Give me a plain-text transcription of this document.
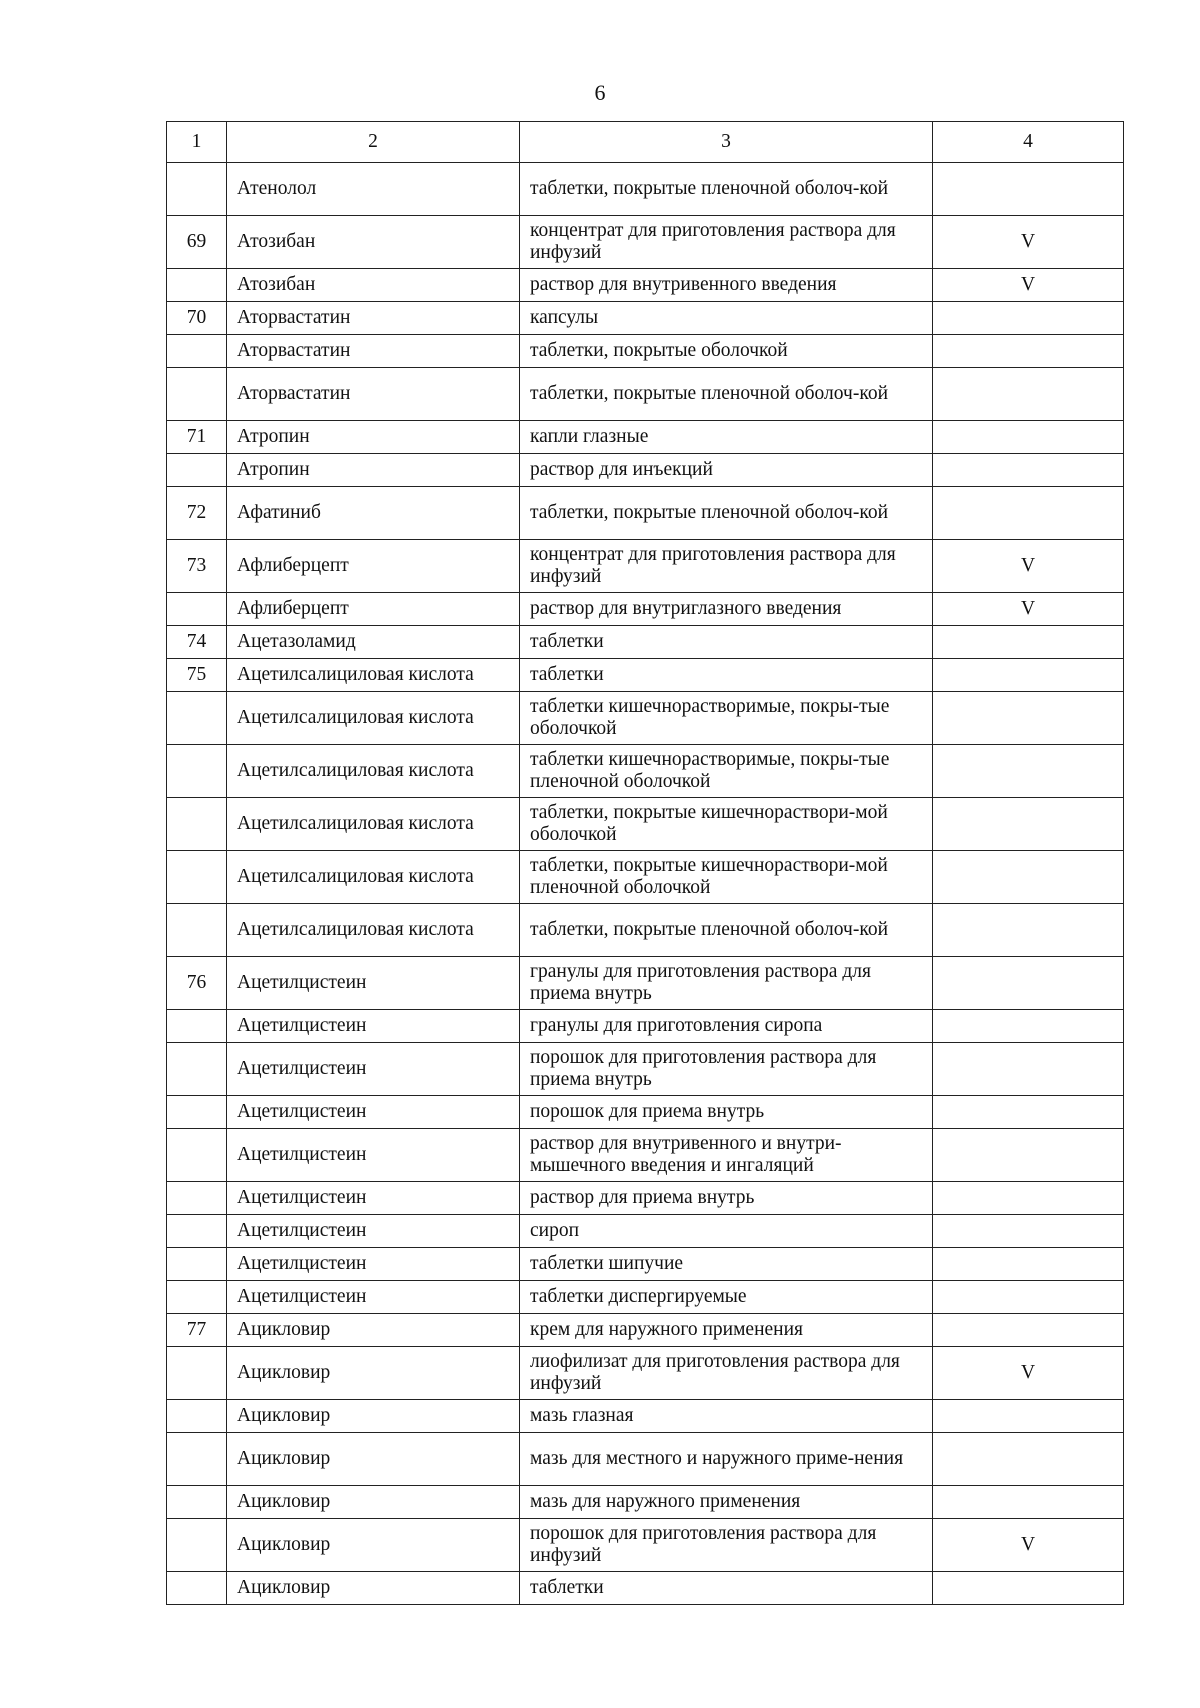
6
1	2	3	4
	Атенолол	таблетки, покрытые пленочной оболоч-кой	
69	Атозибан	концентрат для приготовления раствора для инфузий	V
	Атозибан	раствор для внутривенного введения	V
70	Аторвастатин	капсулы	
	Аторвастатин	таблетки, покрытые оболочкой	
	Аторвастатин	таблетки, покрытые пленочной оболоч-кой	
71	Атропин	капли глазные	
	Атропин	раствор для инъекций	
72	Афатиниб	таблетки, покрытые пленочной оболоч-кой	
73	Афлиберцепт	концентрат для приготовления раствора для инфузий	V
	Афлиберцепт	раствор для внутриглазного введения	V
74	Ацетазоламид	таблетки	
75	Ацетилсалициловая кислота	таблетки	
	Ацетилсалициловая кислота	таблетки кишечнорастворимые, покры-тые оболочкой	
	Ацетилсалициловая кислота	таблетки кишечнорастворимые, покры-тые пленочной оболочкой	
	Ацетилсалициловая кислота	таблетки, покрытые кишечнораствори-мой оболочкой	
	Ацетилсалициловая кислота	таблетки, покрытые кишечнораствори-мой пленочной оболочкой	
	Ацетилсалициловая кислота	таблетки, покрытые пленочной оболоч-кой	
76	Ацетилцистеин	гранулы для приготовления раствора для приема внутрь	
	Ацетилцистеин	гранулы для приготовления сиропа	
	Ацетилцистеин	порошок для приготовления раствора для приема внутрь	
	Ацетилцистеин	порошок для приема внутрь	
	Ацетилцистеин	раствор для внутривенного и внутри-мышечного введения и ингаляций	
	Ацетилцистеин	раствор для приема внутрь	
	Ацетилцистеин	сироп	
	Ацетилцистеин	таблетки шипучие	
	Ацетилцистеин	таблетки диспергируемые	
77	Ацикловир	крем для наружного применения	
	Ацикловир	лиофилизат для приготовления раствора для инфузий	V
	Ацикловир	мазь глазная	
	Ацикловир	мазь для местного и наружного приме-нения	
	Ацикловир	мазь для наружного применения	
	Ацикловир	порошок для приготовления раствора для инфузий	V
	Ацикловир	таблетки	
